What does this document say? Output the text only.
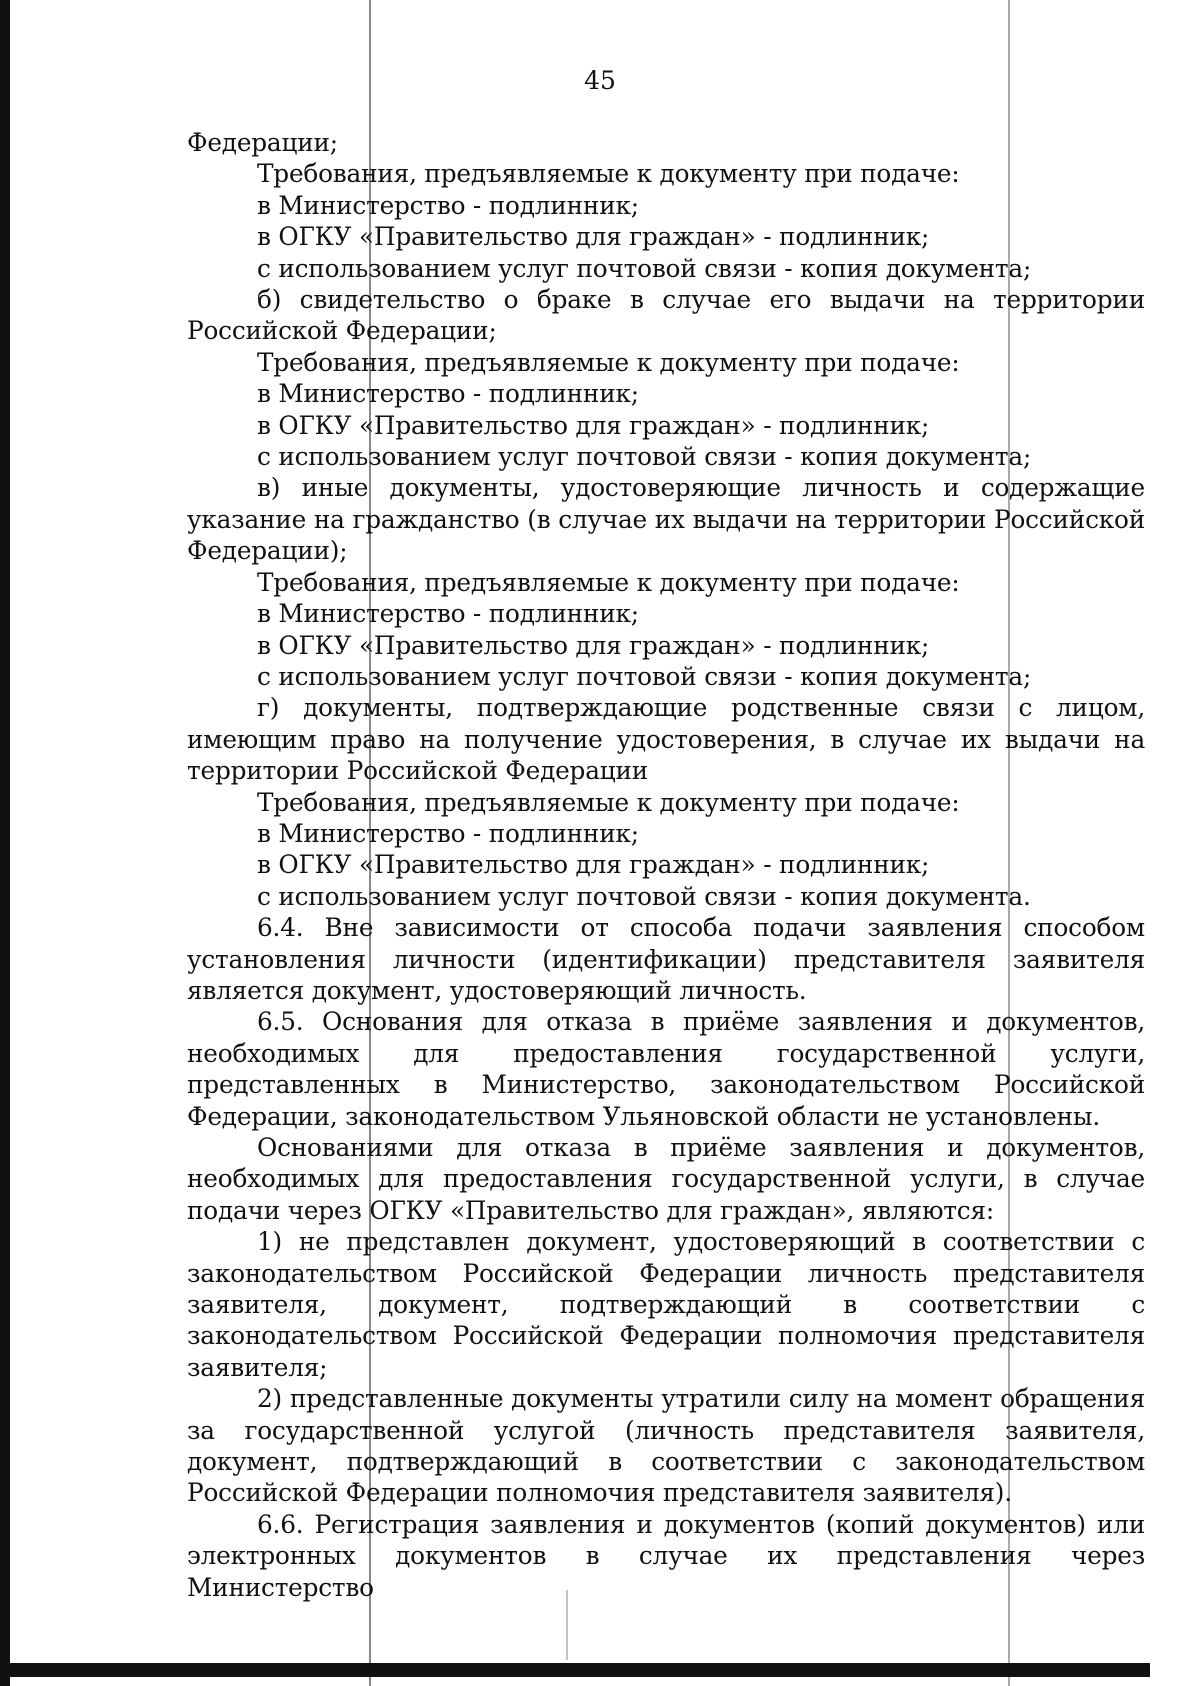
45

Федерации;

Требования, предъявляемые к документу при подаче:

в Министерство - подлинник;

в ОГКУ «Правительство для граждан» - подлинник;

с использованием услуг почтовой связи - копия документа;

б) свидетельство о браке в случае его выдачи на территории Российской Федерации;

Требования, предъявляемые к документу при подаче:

в Министерство - подлинник;

в ОГКУ «Правительство для граждан» - подлинник;

с использованием услуг почтовой связи - копия документа;

в) иные документы, удостоверяющие личность и содержащие указание на гражданство (в случае их выдачи на территории Российской Федерации);

Требования, предъявляемые к документу при подаче:

в Министерство - подлинник;

в ОГКУ «Правительство для граждан» - подлинник;

с использованием услуг почтовой связи - копия документа;

г) документы, подтверждающие родственные связи с лицом, имеющим право на получение удостоверения, в случае их выдачи на территории Российской Федерации

Требования, предъявляемые к документу при подаче:

в Министерство - подлинник;

в ОГКУ «Правительство для граждан» - подлинник;

с использованием услуг почтовой связи - копия документа.

6.4. Вне зависимости от способа подачи заявления способом установления личности (идентификации) представителя заявителя является документ, удостоверяющий личность.

6.5. Основания для отказа в приёме заявления и документов, необходимых для предоставления государственной услуги, представленных в Министерство, законодательством Российской Федерации, законодательством Ульяновской области не установлены.

Основаниями для отказа в приёме заявления и документов, необходимых для предоставления государственной услуги, в случае подачи через ОГКУ «Правительство для граждан», являются:

1) не представлен документ, удостоверяющий в соответствии с законодательством Российской Федерации личность представителя заявителя, документ, подтверждающий в соответствии с законодательством Российской Федерации полномочия представителя заявителя;

2) представленные документы утратили силу на момент обращения за государственной услугой (личность представителя заявителя, документ, подтверждающий в соответствии с законодательством Российской Федерации полномочия представителя заявителя).

6.6. Регистрация заявления и документов (копий документов) или электронных документов в случае их представления через Министерство
